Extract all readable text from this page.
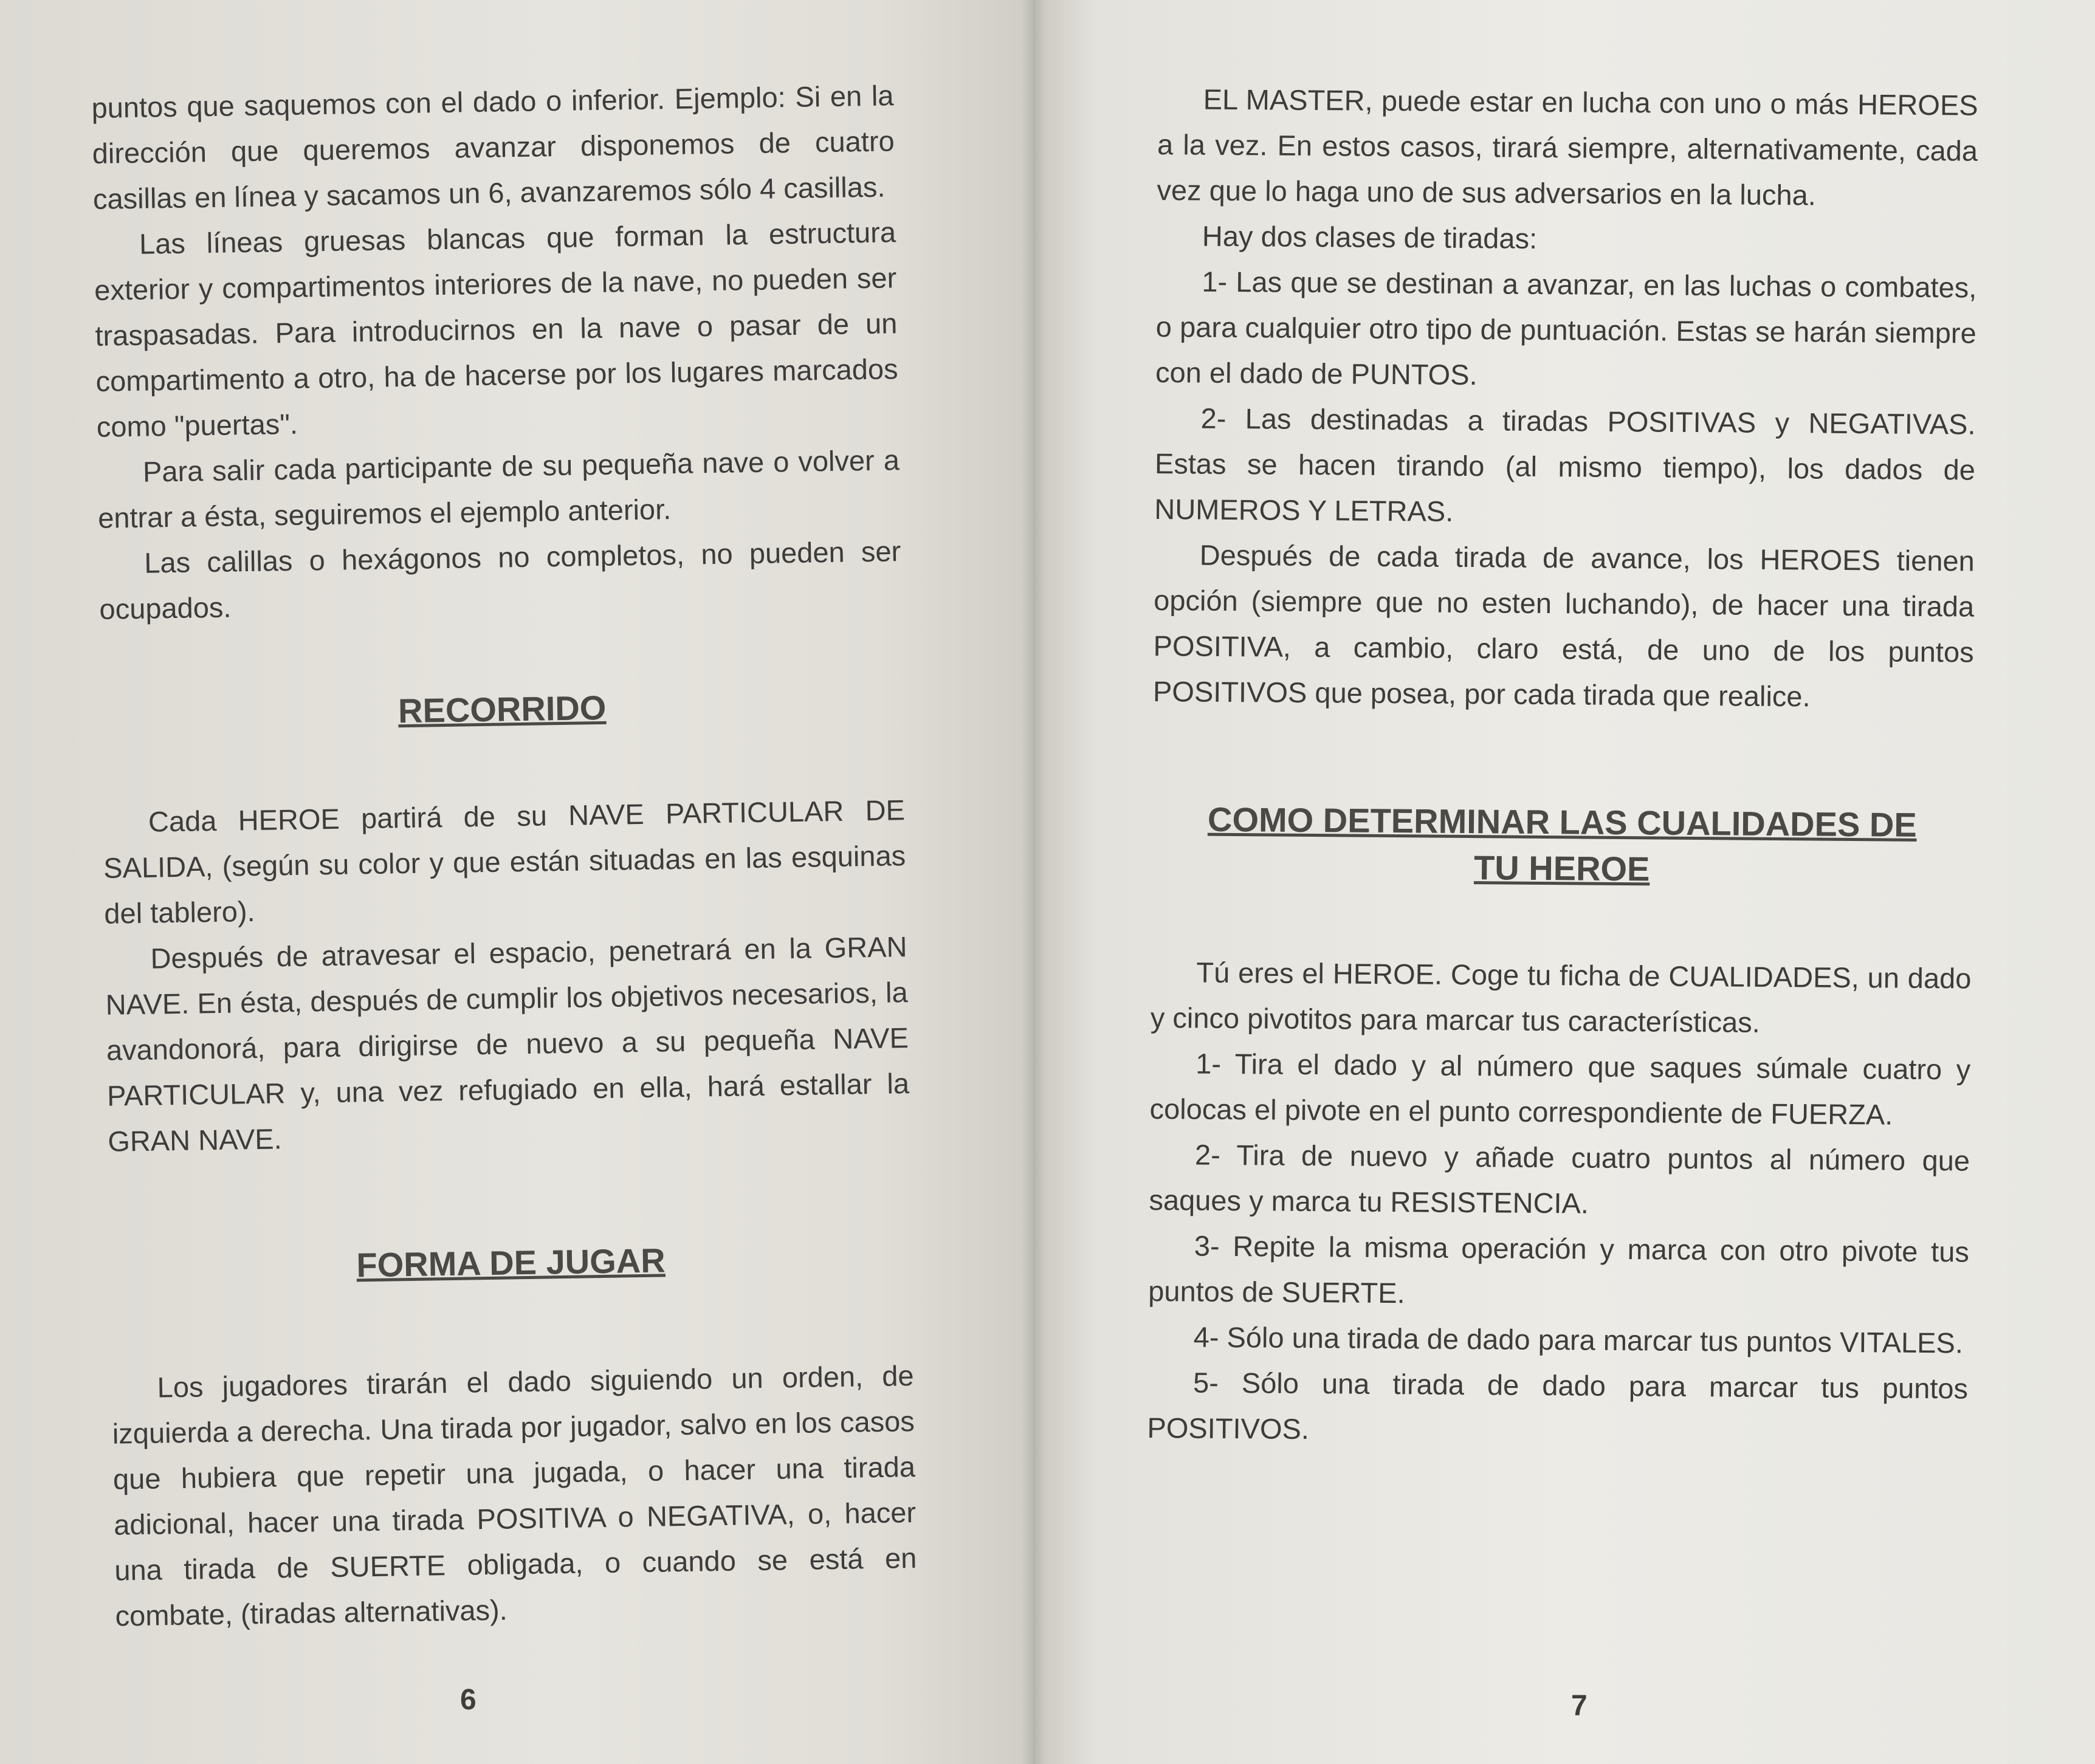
puntos que saquemos con el dado o inferior. Ejemplo: Si en la dirección que queremos avanzar disponemos de cuatro casillas en línea y sacamos un 6, avanzaremos sólo 4 casillas.

Las líneas gruesas blancas que forman la estructura exterior y compartimentos interiores de la nave, no pueden ser traspasadas. Para introducirnos en la nave o pasar de un compartimento a otro, ha de hacerse por los lugares marcados como "puertas".

Para salir cada participante de su pequeña nave o volver a entrar a ésta, seguiremos el ejemplo anterior.

Las calillas o hexágonos no completos, no pueden ser ocupados.

RECORRIDO

Cada HEROE partirá de su NAVE PARTICULAR DE SALIDA, (según su color y que están situadas en las esquinas del tablero).

Después de atravesar el espacio, penetrará en la GRAN NAVE. En ésta, después de cumplir los objetivos necesarios, la avandonorá, para dirigirse de nuevo a su pequeña NAVE PARTICULAR y, una vez refugiado en ella, hará estallar la GRAN NAVE.

FORMA DE JUGAR

Los jugadores tirarán el dado siguiendo un orden, de izquierda a derecha. Una tirada por jugador, salvo en los casos que hubiera que repetir una jugada, o hacer una tirada adicional, hacer una tirada POSITIVA o NEGATIVA, o, hacer una tirada de SUERTE obligada, o cuando se está en combate, (tiradas alternativas).

6

EL MASTER, puede estar en lucha con uno o más HEROES a la vez. En estos casos, tirará siempre, alternativamente, cada vez que lo haga uno de sus adversarios en la lucha.

Hay dos clases de tiradas:

1- Las que se destinan a avanzar, en las luchas o combates, o para cualquier otro tipo de puntuación. Estas se harán siempre con el dado de PUNTOS.

2- Las destinadas a tiradas POSITIVAS y NEGATIVAS. Estas se hacen tirando (al mismo tiempo), los dados de NUMEROS Y LETRAS.

Después de cada tirada de avance, los HEROES tienen opción (siempre que no esten luchando), de hacer una tirada POSITIVA, a cambio, claro está, de uno de los puntos POSITIVOS que posea, por cada tirada que realice.

COMO DETERMINAR LAS CUALIDADES DE
TU HEROE

Tú eres el HEROE. Coge tu ficha de CUALIDADES, un dado y cinco pivotitos para marcar tus características.

1- Tira el dado y al número que saques súmale cuatro y colocas el pivote en el punto correspondiente de FUERZA.

2- Tira de nuevo y añade cuatro puntos al número que saques y marca tu RESISTENCIA.

3- Repite la misma operación y marca con otro pivote tus puntos de SUERTE.

4- Sólo una tirada de dado para marcar tus puntos VITALES.

5- Sólo una tirada de dado para marcar tus puntos POSITIVOS.

7
